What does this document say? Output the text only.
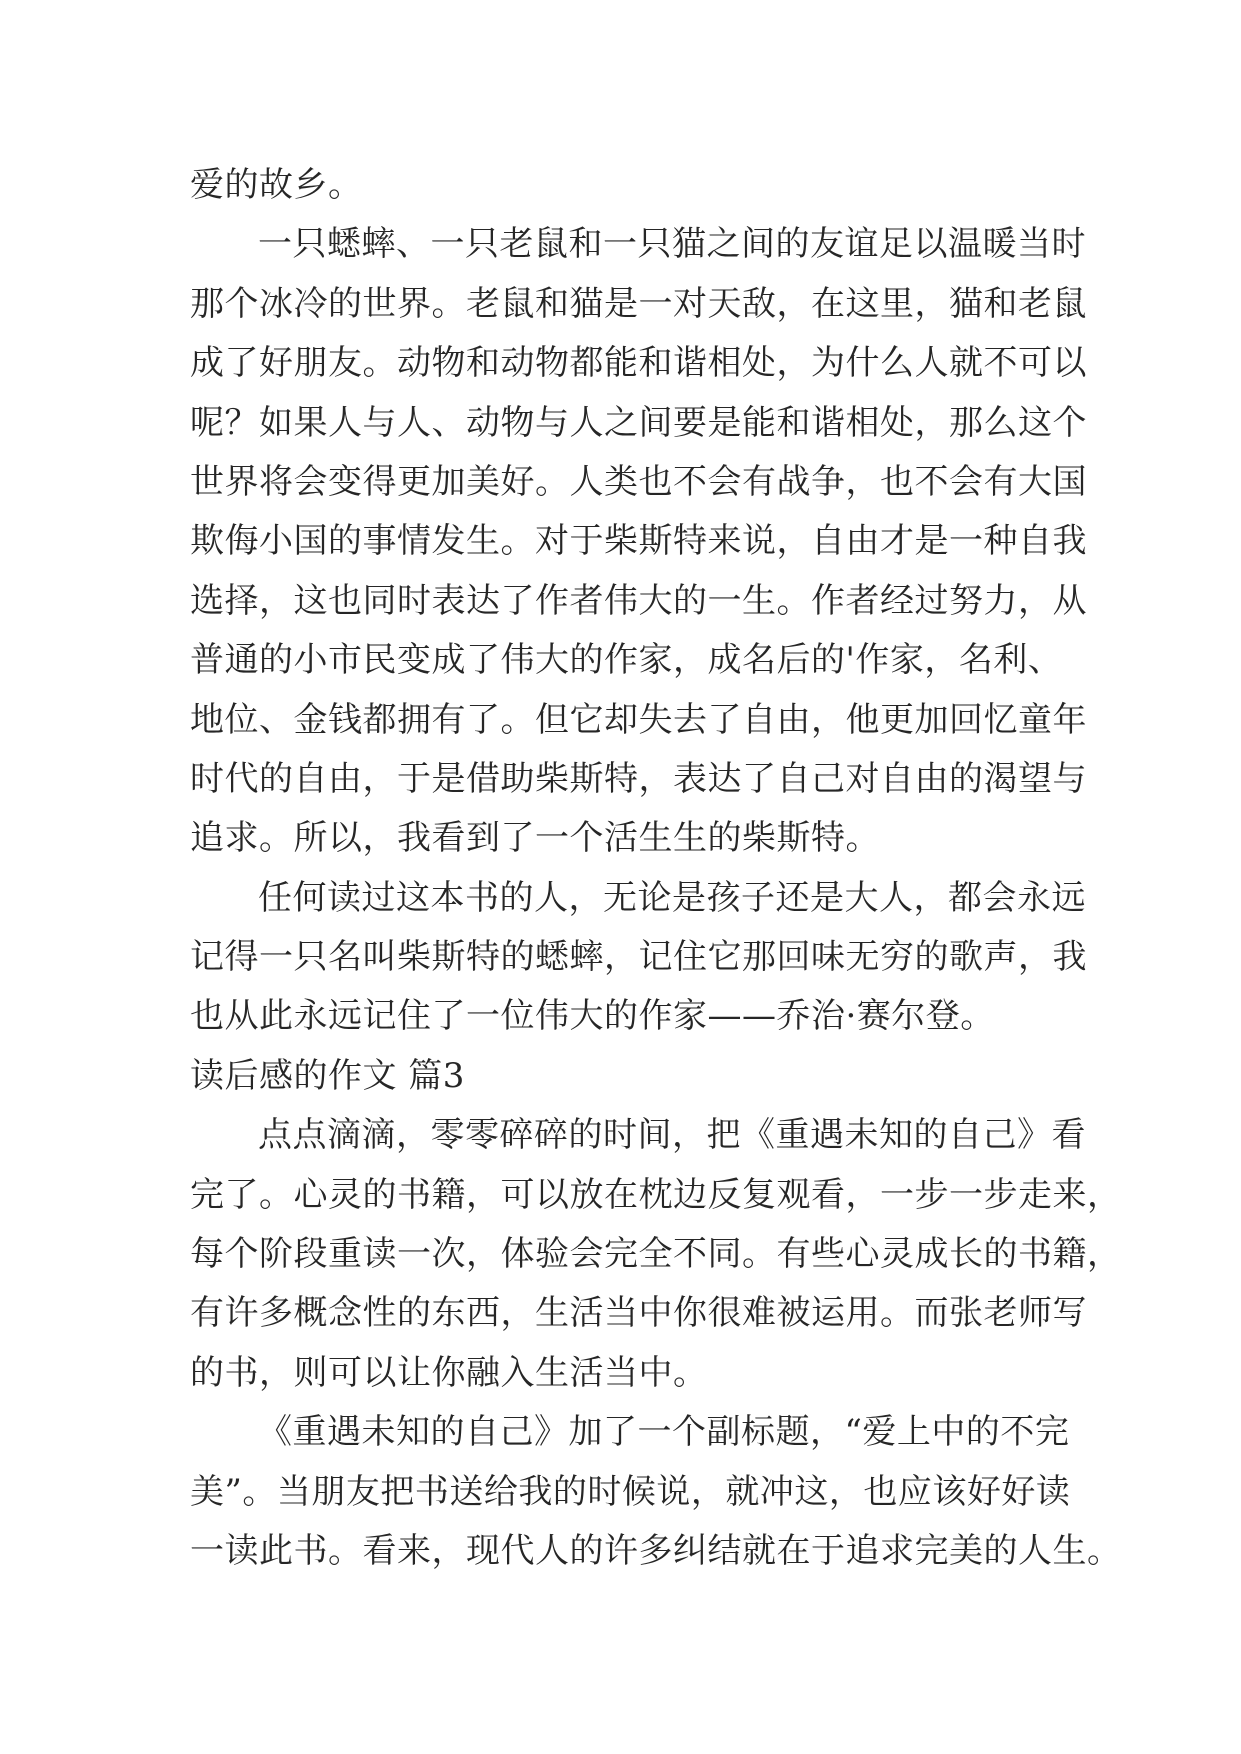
爱的故乡。
一只蟋蟀、一只老鼠和一只猫之间的友谊足以温暖当时
那个冰冷的世界。老鼠和猫是一对天敌，在这里，猫和老鼠
成了好朋友。动物和动物都能和谐相处，为什么人就不可以
呢？如果人与人、动物与人之间要是能和谐相处，那么这个
世界将会变得更加美好。人类也不会有战争，也不会有大国
欺侮小国的事情发生。对于柴斯特来说，自由才是一种自我
选择，这也同时表达了作者伟大的一生。作者经过努力，从
普通的小市民变成了伟大的作家，成名后的'作家，名利、
地位、金钱都拥有了。但它却失去了自由，他更加回忆童年
时代的自由，于是借助柴斯特，表达了自己对自由的渴望与
追求。所以，我看到了一个活生生的柴斯特。
任何读过这本书的人，无论是孩子还是大人，都会永远
记得一只名叫柴斯特的蟋蟀，记住它那回味无穷的歌声，我
也从此永远记住了一位伟大的作家——乔治·赛尔登。
读后感的作文 篇3
点点滴滴，零零碎碎的时间，把《重遇未知的自己》看
完了。心灵的书籍，可以放在枕边反复观看，一步一步走来，
每个阶段重读一次，体验会完全不同。有些心灵成长的书籍，
有许多概念性的东西，生活当中你很难被运用。而张老师写
的书，则可以让你融入生活当中。
《重遇未知的自己》加了一个副标题，“爱上中的不完
美”。当朋友把书送给我的时候说，就冲这，也应该好好读
一读此书。看来，现代人的许多纠结就在于追求完美的人生。
